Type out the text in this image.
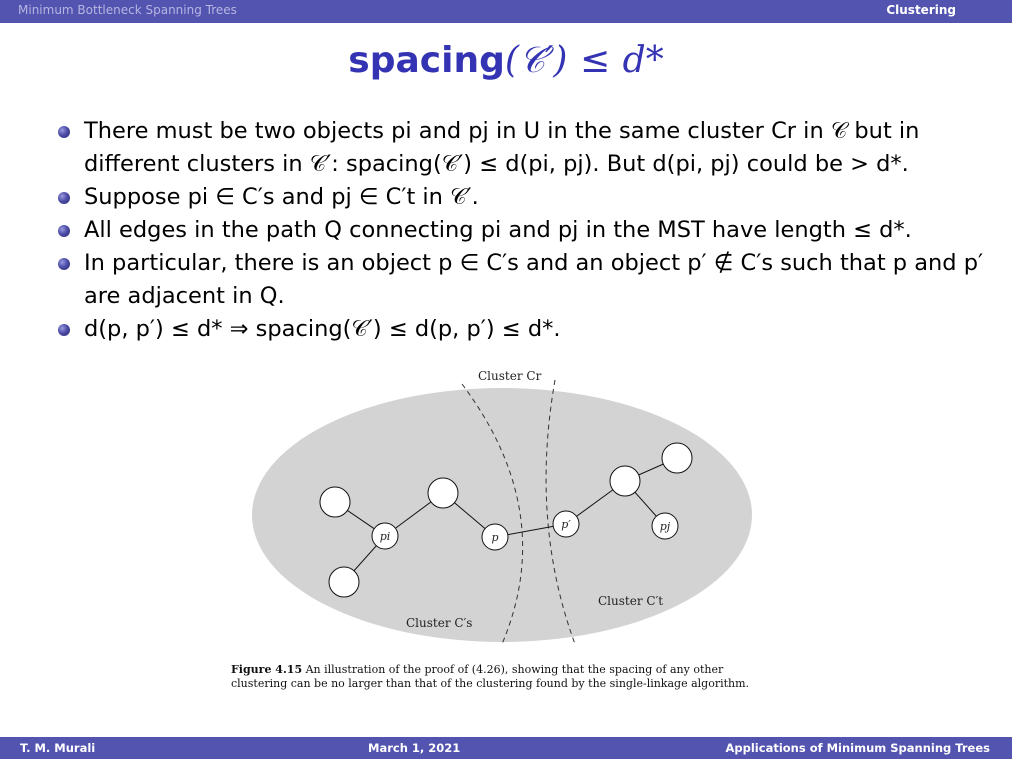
Minimum Bottleneck Spanning Trees	Clustering
spacing(𝒞′) ≤ d*
There must be two objects pi and pj in U in the same cluster Cr in 𝒞 but in different clusters in 𝒞′: spacing(𝒞′) ≤ d(pi, pj). But d(pi, pj) could be > d*.
Suppose pi ∈ C′s and pj ∈ C′t in 𝒞′.
All edges in the path Q connecting pi and pj in the MST have length ≤ d*.
In particular, there is an object p ∈ C′s and an object p′ ∉ C′s such that p and p′ are adjacent in Q.
d(p, p′) ≤ d* ⇒ spacing(𝒞′) ≤ d(p, p′) ≤ d*.
Cluster Cr
Cluster C′s
Cluster C′t
pi	p
p′	pj
Figure 4.15 An illustration of the proof of (4.26), showing that the spacing of any other clustering can be no larger than that of the clustering found by the single-linkage algorithm.
T. M. Murali	March 1, 2021	Applications of Minimum Spanning Trees
